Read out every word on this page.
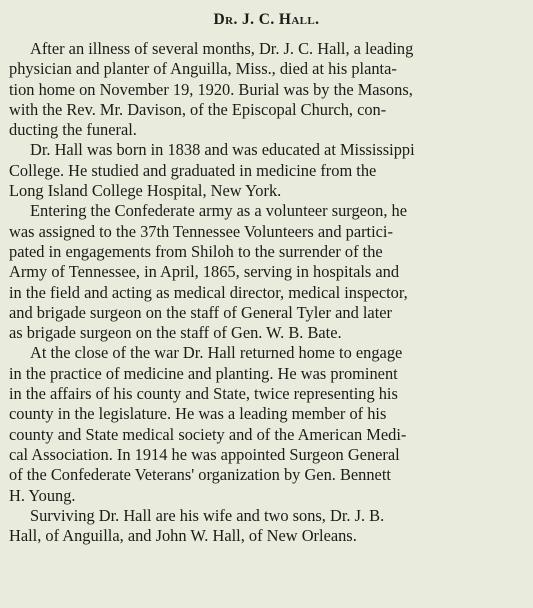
Dr. J. C. Hall.

After an illness of several months, Dr. J. C. Hall, a leading
physician and planter of Anguilla, Miss., died at his planta-
tion home on November 19, 1920. Burial was by the Masons,
with the Rev. Mr. Davison, of the Episcopal Church, con-
ducting the funeral.

Dr. Hall was born in 1838 and was educated at Mississippi
College. He studied and graduated in medicine from the
Long Island College Hospital, New York.

Entering the Confederate army as a volunteer surgeon, he
was assigned to the 37th Tennessee Volunteers and partici-
pated in engagements from Shiloh to the surrender of the
Army of Tennessee, in April, 1865, serving in hospitals and
in the field and acting as medical director, medical inspector,
and brigade surgeon on the staff of General Tyler and later
as brigade surgeon on the staff of Gen. W. B. Bate.

At the close of the war Dr. Hall returned home to engage
in the practice of medicine and planting. He was prominent
in the affairs of his county and State, twice representing his
county in the legislature. He was a leading member of his
county and State medical society and of the American Medi-
cal Association. In 1914 he was appointed Surgeon General
of the Confederate Veterans' organization by Gen. Bennett
H. Young.

Surviving Dr. Hall are his wife and two sons, Dr. J. B.
Hall, of Anguilla, and John W. Hall, of New Orleans.
